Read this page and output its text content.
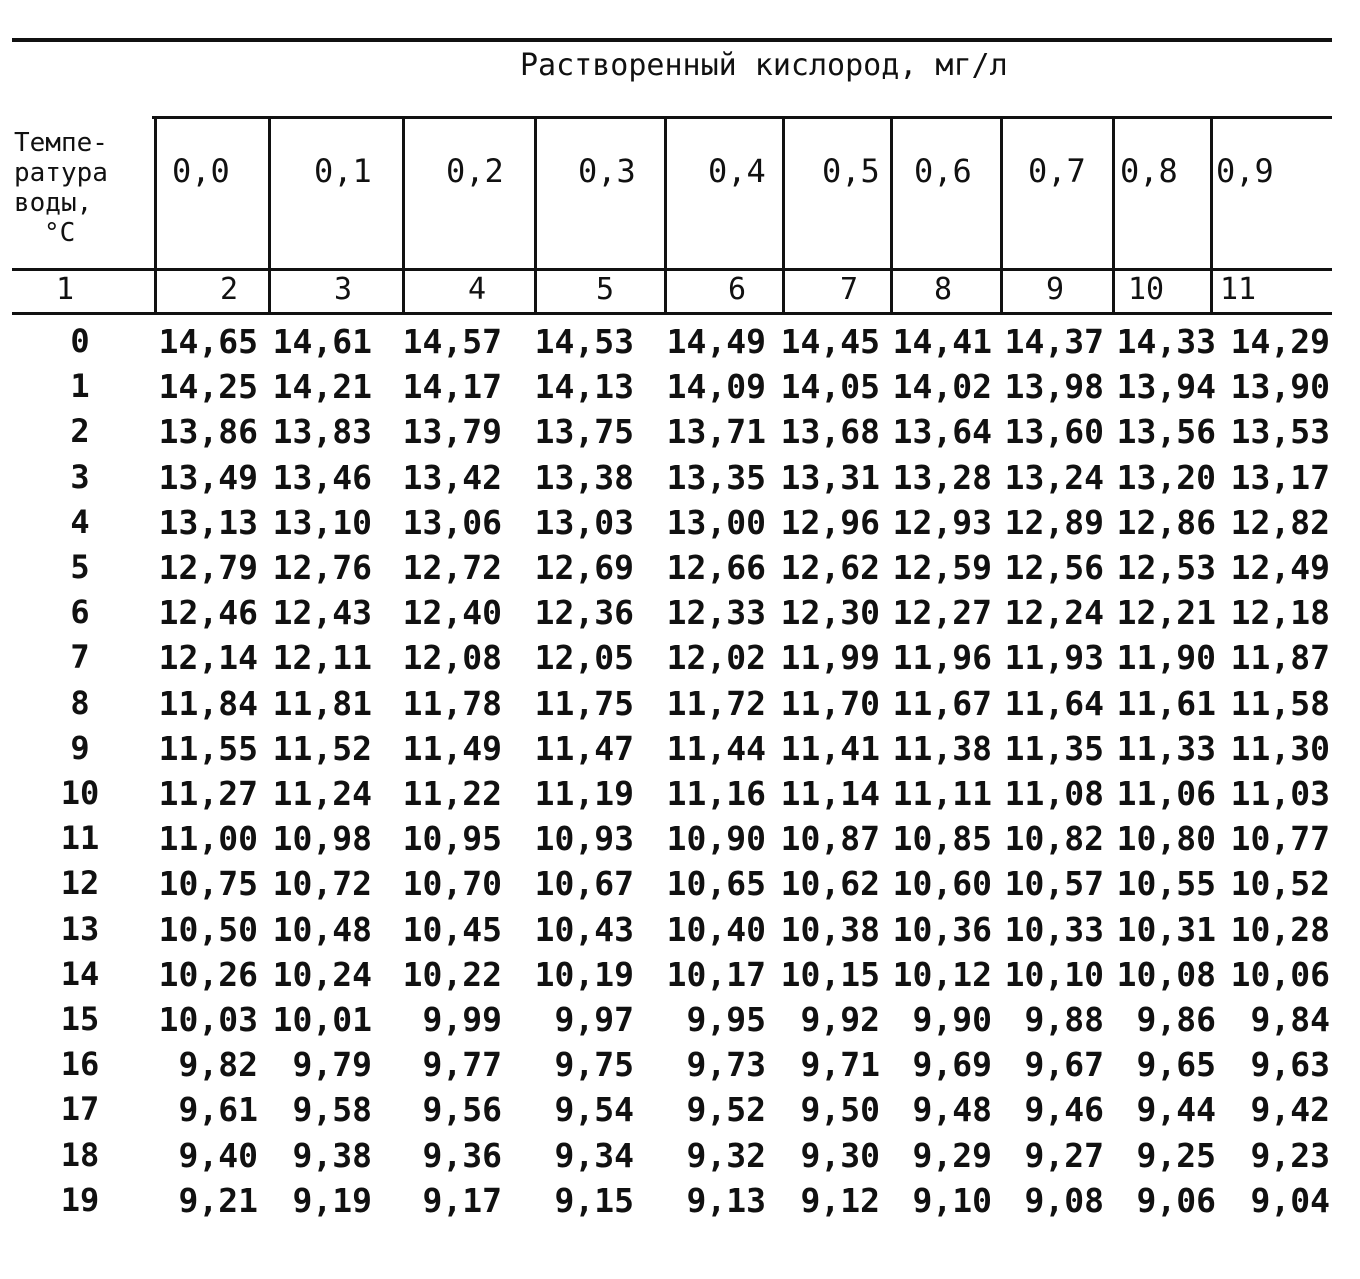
Растворенный кислород, мг/л
Темпе-
ратура
воды,
°С
0,0	0,1 0,2 0,3 0,4 0,5 0,6 0,7 0,8 0,9
1	2	3	4	5	6	7	8	9 10 11
0	14,65 14,61 14,57 14,53 14,49 14,45 14,41 14,37 14,33 14,29
1	14,25 14,21 14,17 14,13 14,09 14,05 14,02 13,98 13,94 13,90
2	13,86 13,83 13,79 13,75 13,71 13,68 13,64 13,60 13,56 13,53
3	13,49 13,46 13,42 13,38 13,35 13,31 13,28 13,24 13,20 13,17
4	13,13 13,10 13,06 13,03 13,00 12,96 12,93 12,89 12,86 12,82
5	12,79 12,76 12,72 12,69 12,66 12,62 12,59 12,56 12,53 12,49
6	12,46 12,43 12,40 12,36 12,33 12,30 12,27 12,24 12,21 12,18
7	12,14 12,11 12,08 12,05 12,02 11,99 11,96 11,93 11,90 11,87
8	11,84 11,81 11,78 11,75 11,72 11,70 11,67 11,64 11,61 11,58
9	11,55 11,52 11,49 11,47 11,44 11,41 11,38 11,35 11,33 11,30
10	11,27 11,24 11,22 11,19 11,16 11,14 11,11 11,08 11,06 11,03
11	11,00 10,98 10,95 10,93 10,90 10,87 10,85 10,82 10,80 10,77
12	10,75 10,72 10,70 10,67 10,65 10,62 10,60 10,57 10,55 10,52
13	10,50 10,48 10,45 10,43 10,40 10,38 10,36 10,33 10,31 10,28
14	10,26 10,24 10,22 10,19 10,17 10,15 10,12 10,10 10,08 10,06
15	10,03 10,01 9,99 9,97 9,95 9,92 9,90 9,88 9,86 9,84
16	9,82 9,79 9,77 9,75 9,73 9,71 9,69 9,67 9,65 9,63
17	9,61 9,58 9,56 9,54 9,52 9,50 9,48 9,46 9,44 9,42
18	9,40 9,38 9,36 9,34 9,32 9,30 9,29 9,27 9,25 9,23
19	9,21 9,19 9,17 9,15 9,13 9,12 9,10 9,08 9,06 9,04
